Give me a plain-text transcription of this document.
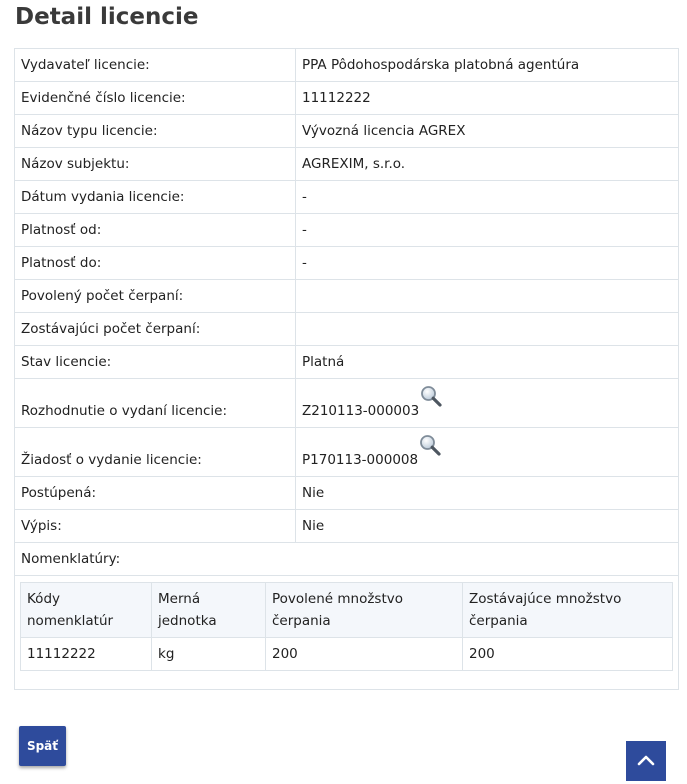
Detail licencie
Vydavateľ licencie:	PPA Pôdohospodárska platobná agentúra
Evidenčné číslo licencie:	11112222
Názov typu licencie:	Vývozná licencia AGREX
Názov subjektu:	AGREXIM, s.r.o.
Dátum vydania licencie:	-
Platnosť od:	-
Platnosť do:	-
Povolený počet čerpaní:	
Zostávajúci počet čerpaní:	
Stav licencie:	Platná
Rozhodnutie o vydaní licencie:	Z210113-000003
Žiadosť o vydanie licencie:	P170113-000008
Postúpená:	Nie
Výpis:	Nie
Nomenklatúry:	
Kódy nomenklatúr	Merná jednotka	Povolené množstvo čerpania	Zostávajúce množstvo čerpania
11112222	kg	200	200
Späť
